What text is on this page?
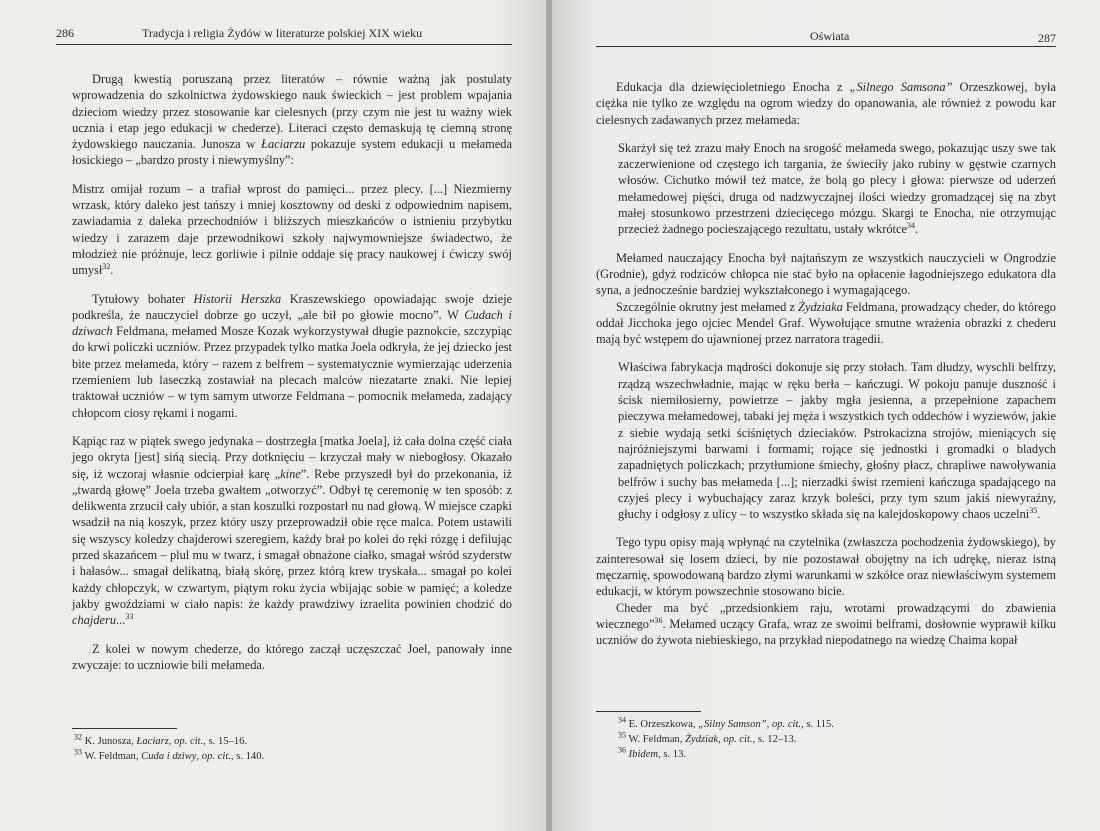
286	Tradycja i religia Żydów w literaturze polskiej XIX wieku

Drugą kwestią poruszaną przez literatów – równie ważną jak postulaty wprowadzenia do szkolnictwa żydowskiego nauk świeckich – jest problem wpajania dzieciom wiedzy przez stosowanie kar cielesnych (przy czym nie jest tu ważny wiek ucznia i etap jego edukacji w chederze). Literaci często demaskują tę ciemną stronę żydowskiego nauczania. Junosza w Łaciarzu pokazuje system edukacji u mełameda łosickiego – „bardzo prosty i niewymyślny”:

Mistrz omijał rozum – a trafiał wprost do pamięci... przez plecy. [...] Niezmierny wrzask, który daleko jest tańszy i mniej kosztowny od deski z odpowiednim napisem, zawiadamia z daleka przechodniów i bliższych mieszkańców o istnieniu przybytku wiedzy i zarazem daje przewodnikowi szkoły najwymowniejsze świadectwo, że młodzież nie próżnuje, lecz gorliwie i pilnie oddaje się pracy naukowej i ćwiczy swój umysł$^{32}$.

Tytułowy bohater Historii Herszka Kraszewskiego opowiadając swoje dzieje podkreśla, że nauczyciel dobrze go uczył, „ale bił po głowie mocno”. W Cudach i dziwach Feldmana, mełamed Mosze Kozak wykorzystywał długie paznokcie, szczypiąc do krwi policzki uczniów. Przez przypadek tylko matka Joela odkryła, że jej dziecko jest bite przez mełameda, który – razem z belfrem – systematycznie wymierzając uderzenia rzemieniem lub laseczką zostawiał na plecach malców niezatarte znaki. Nie lepiej traktował uczniów – w tym samym utworze Feldmana – pomocnik mełameda, zadający chłopcom ciosy rękami i nogami.

Kąpiąc raz w piątek swego jedynaka – dostrzegła [matka Joela], iż cała dolna część ciała jego okryta [jest] sińą siecią. Przy dotknięciu – krzyczał mały w niebogłosy. Okazało się, iż wczoraj własnie odcierpiał karę „kine”. Rebe przyszedł był do przekonania, iż „twardą głowę” Joela trzeba gwałtem „otworzyć”. Odbył tę ceremonię w ten sposób: z delikwenta zrzucił cały ubiór, a stan koszulki rozpostarł nu nad głową. W miejsce czapki wsadził na nią koszyk, przez który uszy przeprowadził obie ręce malca. Potem ustawili się wszyscy koledzy chajderowi szeregiem, każdy brał po kolei do ręki rózgę i defilując przed skazańcem – plul mu w twarz, i smagał obnażone ciałko, smagał wśród szyderstw i hałasów... smagał delikatną, białą skórę, przez którą krew tryskała... smagał po kolei każdy chłopczyk, w czwartym, piątym roku życia wbijając sobie w pamięć; a koledze jakby gwoździami w ciało napis: że każdy prawdziwy izraelita powinien chodzić do chajderu...$^{33}$

Z kolei w nowym chederze, do którego zaczął uczęszczać Joel, panowały inne zwyczaje: to uczniowie bili mełameda.

$^{32}$ K. Junosza, Łaciarz, op. cit., s. 15–16.
$^{33}$ W. Feldman, Cuda i dziwy, op. cit., s. 140.
Oświata	287

Edukacja dla dziewięcioletniego Enocha z „Silnego Samsona” Orzeszkowej, była ciężka nie tylko ze względu na ogrom wiedzy do opanowania, ale również z powodu kar cielesnych zadawanych przez mełameda:

Skarżył się też zrazu mały Enoch na srogość mełameda swego, pokazując uszy swe tak zaczerwienione od częstego ich targania, że świeciły jako rubiny w gęstwie czarnych włosów. Cichutko mówił też matce, że bolą go plecy i głowa: pierwsze od uderzeń mełamedowej pięści, druga od nadzwyczajnej ilości wiedzy gromadzącej się na zbyt małej stosunkowo przestrzeni dziecięcego mózgu. Skargi te Enocha, nie otrzymując przecież żadnego pocieszającego rezultatu, ustały wkrótce$^{34}$.

Mełamed nauczający Enocha był najtańszym ze wszystkich nauczycieli w Ongrodzie (Grodnie), gdyż rodziców chłopca nie stać było na opłacenie łagodniejszego edukatora dla syna, a jednocześnie bardziej wykształconego i wymagającego.

Szczególnie okrutny jest mełamed z Żydziaka Feldmana, prowadzący cheder, do którego oddał Jicchoka jego ojciec Mendel Graf. Wywołujące smutne wrażenia obrazki z chederu mają być wstępem do ujawnionej przez narratora tragedii.

Właściwa fabrykacja mądrości dokonuje się przy stołach. Tam dłudzy, wyschli belfrzy, rządzą wszechwładnie, mając w ręku berła – kańczugi. W pokoju panuje duszność i ścisk niemiłosierny, powietrze – jakby mgła jesienna, a przepełnione zapachem pieczywa mełamedowej, tabaki jej męża i wszystkich tych oddechów i wyziewów, jakie z siebie wydają setki ściśniętych dzieciaków. Pstrokacizna strojów, mieniących się najróżniejszymi barwami i formami; rojące się jednostki i gromadki o bladych zapadniętych policzkach; przytłumione śmiechy, głośny płacz, chrapliwe nawoływania belfrów i suchy bas mełameda [...]; nierzadki świst rzemieni kańczuga spadającego na czyjeś plecy i wybuchający zaraz krzyk boleści, przy tym szum jakiś niewyraźny, głuchy i odgłosy z ulicy – to wszystko składa się na kalejdoskopowy chaos uczelni$^{35}$.

Tego typu opisy mają wpłynąć na czytelnika (zwłaszcza pochodzenia żydowskiego), by zainteresował się losem dzieci, by nie pozostawał obojętny na ich udrękę, nieraz istną męczarnię, spowodowaną bardzo złymi warunkami w szkółce oraz niewłaściwym systemem edukacji, w którym powszechnie stosowano bicie.

Cheder ma być „przedsionkiem raju, wrotami prowadzącymi do zbawienia wiecznego”$^{36}$. Mełamed uczący Grafa, wraz ze swoimi belframi, dosłownie wyprawił kilku uczniów do żywota niebieskiego, na przykład niepodatnego na wiedzę Chaima kopał

$^{34}$ E. Orzeszkowa, „Silny Samson”, op. cit., s. 115.
$^{35}$ W. Feldman, Żydziak, op. cit., s. 12–13.
$^{36}$ Ibidem, s. 13.
